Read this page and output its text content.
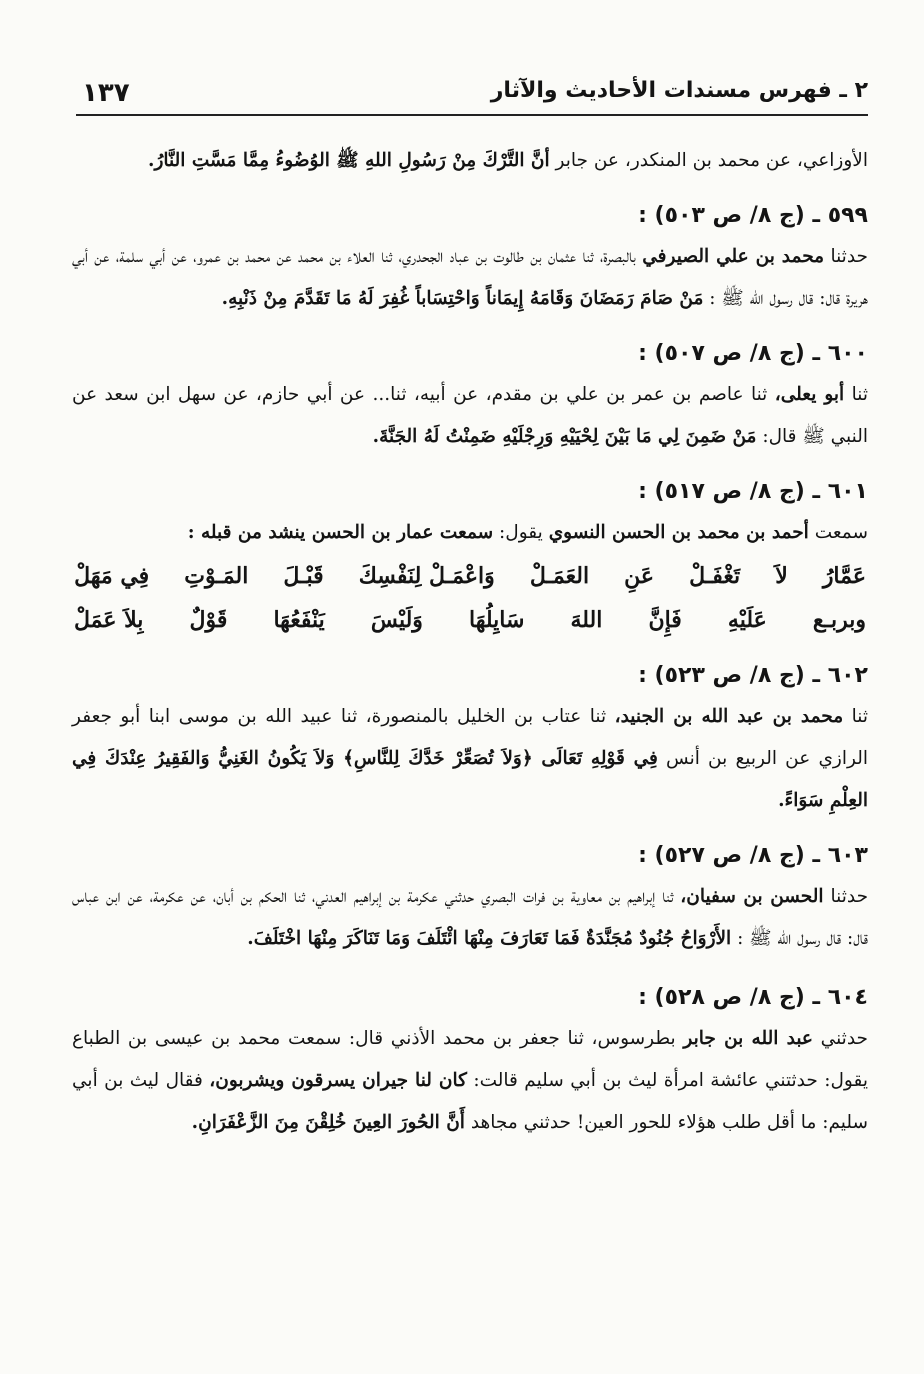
١٣٧	٢ ـ فهرس مسندات الأحاديث والآثار

الأوزاعي، عن محمد بن المنكدر، عن جابر أنَّ التَّرْكَ مِنْ رَسُولِ اللهِ ﷺ الوُضُوءُ مِمَّا مَسَّتِ النَّارُ.

٥٩٩ ـ (ج ٨/ ص ٥٠٣) :

حدثنا محمد بن علي الصيرفي بالبصرة، ثنا عثمان بن طالوت بن عباد الجحدري، ثنا العلاء بن محمد عن محمد بن عمرو، عن أبي سلمة، عن أبي هريرة قال: قال رسول الله ﷺ : مَنْ صَامَ رَمَضَانَ وَقَامَهُ إِيمَاناً وَاحْتِسَاباً غُفِرَ لَهُ مَا تَقَدَّمَ مِنْ ذَنْبِهِ.

٦٠٠ ـ (ج ٨/ ص ٥٠٧) :

ثنا أبو يعلى، ثنا عاصم بن عمر بن علي بن مقدم، عن أبيه، ثنا... عن أبي حازم، عن سهل ابن سعد عن النبي ﷺ قال: مَنْ ضَمِنَ لِي مَا بَيْنَ لِحْيَيْهِ وَرِجْلَيْهِ ضَمِنْتُ لَهُ الجَنَّةَ.

٦٠١ ـ (ج ٨/ ص ٥١٧) :

سمعت أحمد بن محمد بن الحسن النسوي يقول: سمعت عمار بن الحسن ينشد من قبله :

عَمَّارُ
لاَ
تَغْفَـلْ
عَنِ
العَمَـلْ
وَاعْمَـلْ لِنَفْسِكَ
قَبْـلَ
المَـوْتِ
فِي مَهَلْ
وبربـع
عَلَيْهِ
فَإِنَّ
اللهَ
سَايِلُهَا
وَلَيْسَ
يَنْفَعُهَا
قَوْلٌ
بِلاَ عَمَلْ
٦٠٢ ـ (ج ٨/ ص ٥٢٣) :

ثنا محمد بن عبد الله بن الجنيد، ثنا عتاب بن الخليل بالمنصورة، ثنا عبيد الله بن موسى ابنا أبو جعفر الرازي عن الربيع بن أنس فِي قَوْلِهِ تَعَالَى ﴿وَلاَ تُصَعِّرْ خَدَّكَ لِلنَّاسِ﴾ وَلاَ يَكُونُ الغَنِيُّ وَالفَقِيرُ عِنْدَكَ فِي العِلْمِ سَوَاءً.

٦٠٣ ـ (ج ٨/ ص ٥٢٧) :

حدثنا الحسن بن سفيان، ثنا إبراهيم بن معاوية بن فرات البصري حدثني عكرمة بن إبراهيم العدني، ثنا الحكم بن أبان، عن عكرمة، عن ابن عباس قال: قال رسول الله ﷺ : الأَرْوَاحُ جُنُودٌ مُجَنَّدَةٌ فَمَا تَعَارَفَ مِنْهَا ائْتَلَفَ وَمَا تَنَاكَرَ مِنْهَا اخْتَلَفَ.

٦٠٤ ـ (ج ٨/ ص ٥٢٨) :

حدثني عبد الله بن جابر بطرسوس، ثنا جعفر بن محمد الأذني قال: سمعت محمد بن عيسى بن الطباع يقول: حدثتني عائشة امرأة ليث بن أبي سليم قالت: كان لنا جيران يسرقون ويشربون، فقال ليث بن أبي سليم: ما أقل طلب هؤلاء للحور العين! حدثني مجاهد أَنَّ الحُورَ العِينَ خُلِقْنَ مِنَ الزَّعْفَرَانِ.
